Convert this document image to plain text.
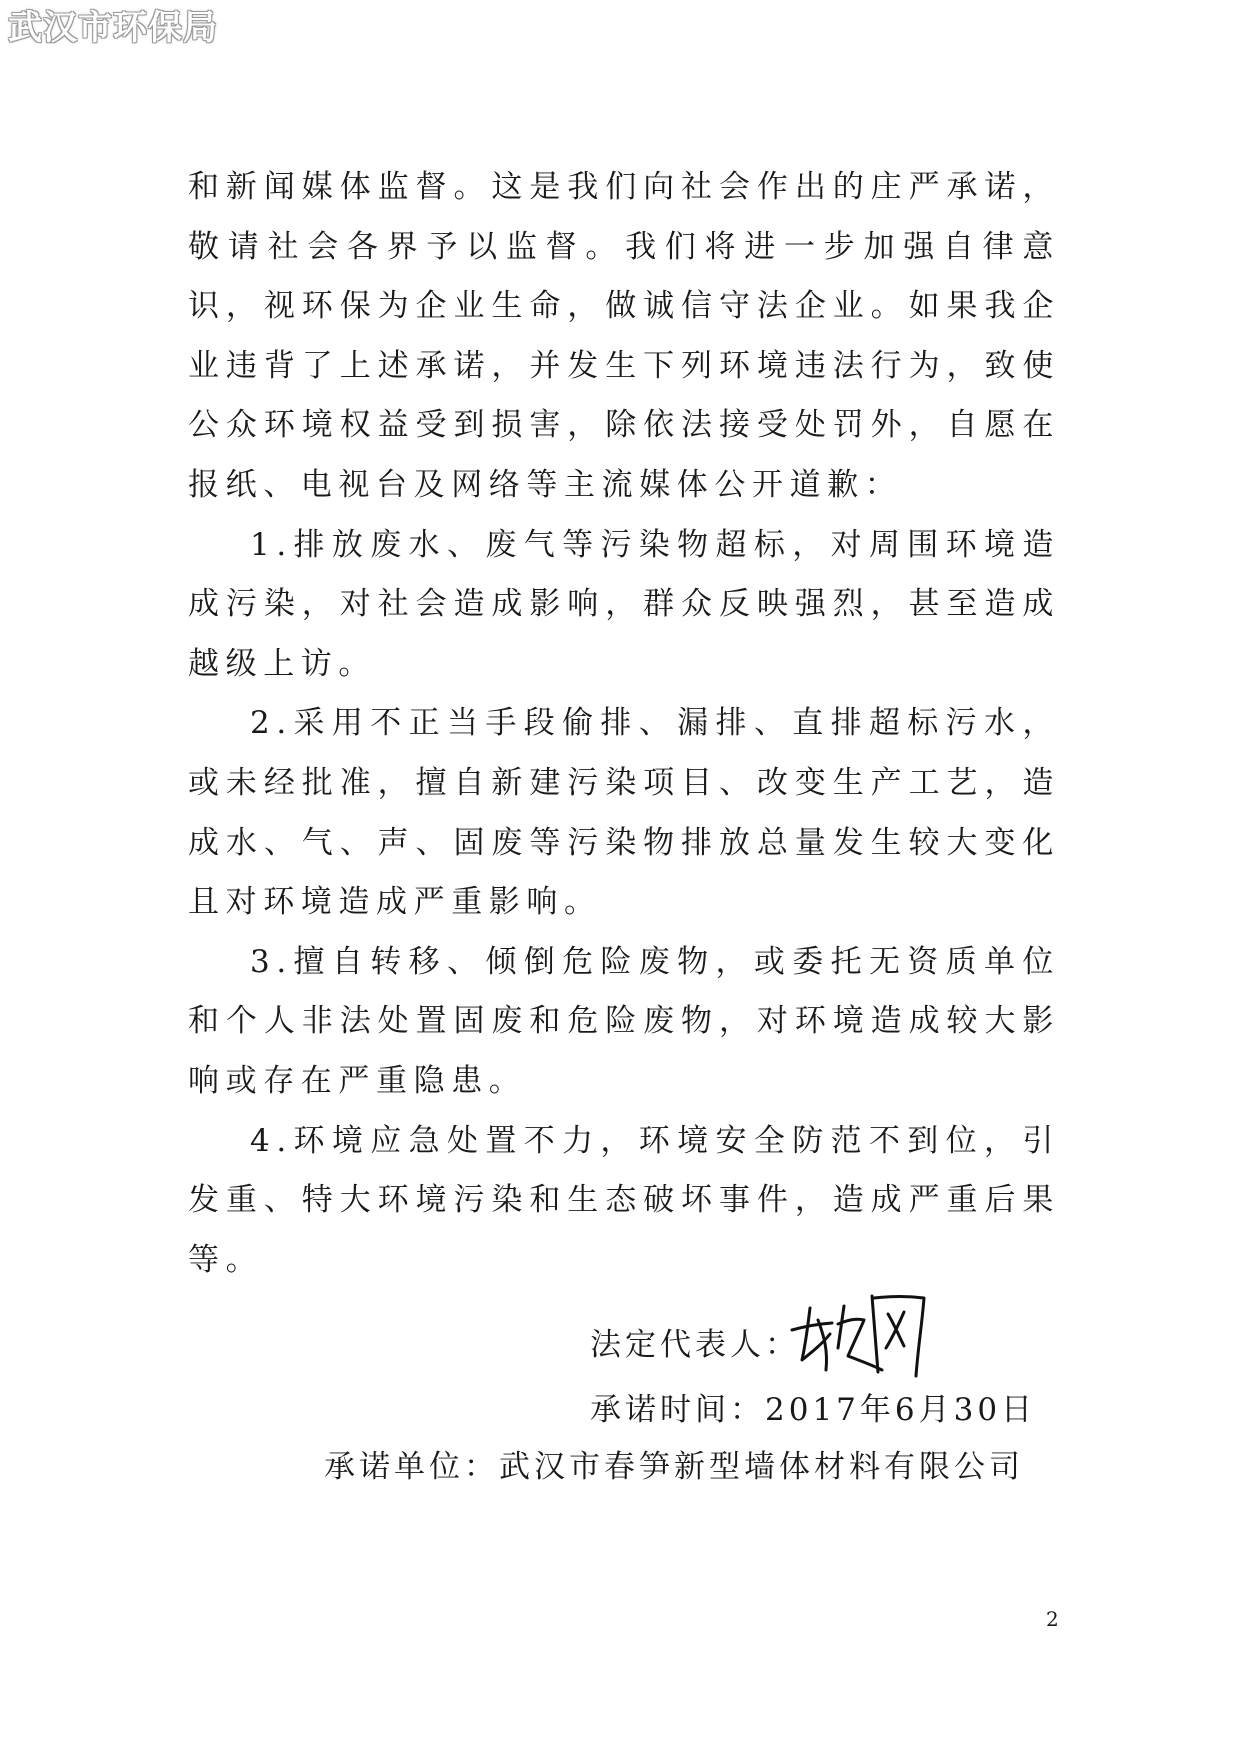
武汉市环保局

和新闻媒体监督。这是我们向社会作出的庄严承诺，敬请社会各界予以监督。我们将进一步加强自律意识，视环保为企业生命，做诚信守法企业。如果我企业违背了上述承诺，并发生下列环境违法行为，致使公众环境权益受到损害，除依法接受处罚外，自愿在报纸、电视台及网络等主流媒体公开道歉：

1.排放废水、废气等污染物超标，对周围环境造成污染，对社会造成影响，群众反映强烈，甚至造成越级上访。

2.采用不正当手段偷排、漏排、直排超标污水，或未经批准，擅自新建污染项目、改变生产工艺，造成水、气、声、固废等污染物排放总量发生较大变化且对环境造成严重影响。

3.擅自转移、倾倒危险废物，或委托无资质单位和个人非法处置固废和危险废物，对环境造成较大影响或存在严重隐患。

4.环境应急处置不力，环境安全防范不到位，引发重、特大环境污染和生态破坏事件，造成严重后果等。

法定代表人：
承诺时间：2017年6月30日
承诺单位：武汉市春笋新型墙体材料有限公司
2
